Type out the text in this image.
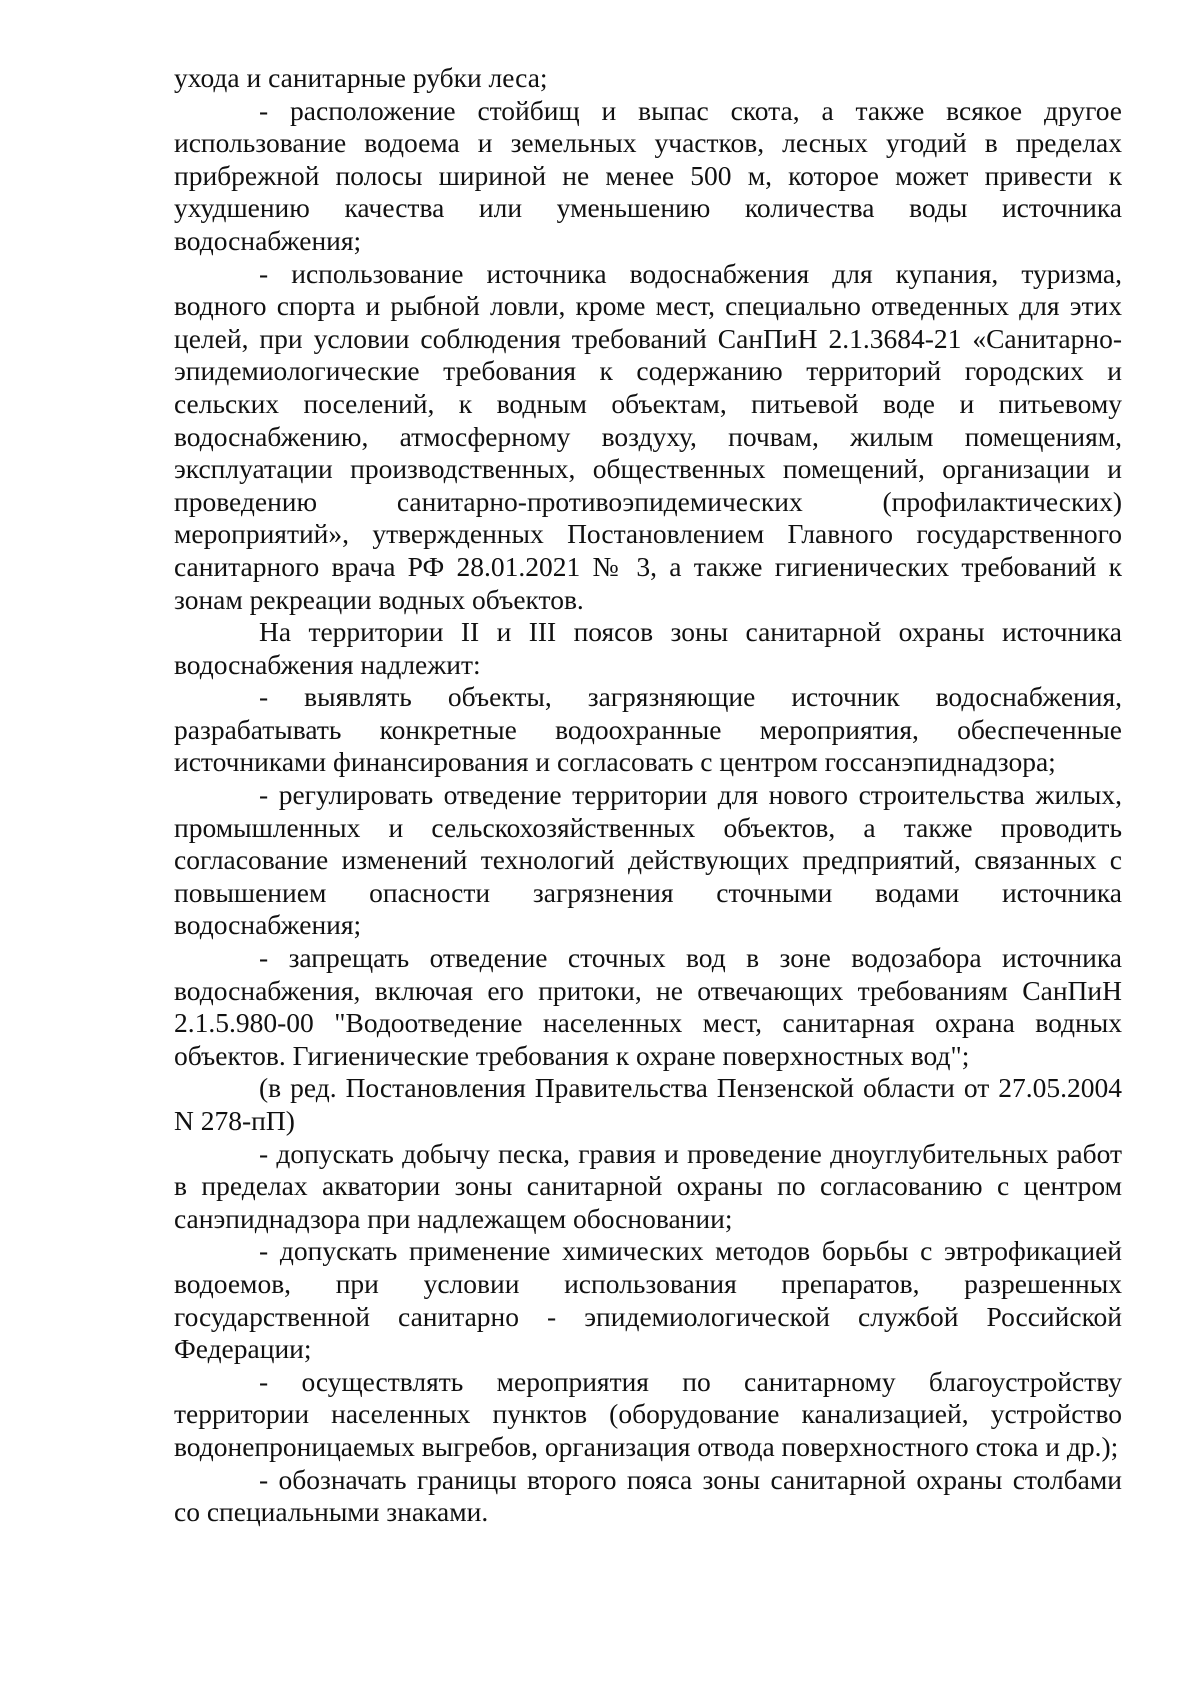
ухода и санитарные рубки леса;

- расположение стойбищ и выпас скота, а также всякое другое использование водоема и земельных участков, лесных угодий в пределах прибрежной полосы шириной не менее 500 м, которое может привести к ухудшению качества или уменьшению количества воды источника водоснабжения;

- использование источника водоснабжения для купания, туризма, водного спорта и рыбной ловли, кроме мест, специально отведенных для этих целей, при условии соблюдения требований СанПиН 2.1.3684-21 «Санитарно-эпидемиологические требования к содержанию территорий городских и сельских поселений, к водным объектам, питьевой воде и питьевому водоснабжению, атмосферному воздуху, почвам, жилым помещениям, эксплуатации производственных, общественных помещений, организации и проведению санитарно-противоэпидемических (профилактических) мероприятий», утвержденных Постановлением Главного государственного санитарного врача РФ 28.01.2021 № 3, а также гигиенических требований к зонам рекреации водных объектов.

На территории II и III поясов зоны санитарной охраны источника водоснабжения надлежит:

- выявлять объекты, загрязняющие источник водоснабжения, разрабатывать конкретные водоохранные мероприятия, обеспеченные источниками финансирования и согласовать с центром госсанэпиднадзора;

- регулировать отведение территории для нового строительства жилых, промышленных и сельскохозяйственных объектов, а также проводить согласование изменений технологий действующих предприятий, связанных с повышением опасности загрязнения сточными водами источника водоснабжения;

- запрещать отведение сточных вод в зоне водозабора источника водоснабжения, включая его притоки, не отвечающих требованиям СанПиН 2.1.5.980-00 "Водоотведение населенных мест, санитарная охрана водных объектов. Гигиенические требования к охране поверхностных вод";

(в ред. Постановления Правительства Пензенской области от 27.05.2004 N 278-пП)

- допускать добычу песка, гравия и проведение дноуглубительных работ в пределах акватории зоны санитарной охраны по согласованию с центром санэпиднадзора при надлежащем обосновании;

- допускать применение химических методов борьбы с эвтрофикацией водоемов, при условии использования препаратов, разрешенных государственной санитарно - эпидемиологической службой Российской Федерации;

- осуществлять мероприятия по санитарному благоустройству территории населенных пунктов (оборудование канализацией, устройство водонепроницаемых выгребов, организация отвода поверхностного стока и др.);

- обозначать границы второго пояса зоны санитарной охраны столбами со специальными знаками.
